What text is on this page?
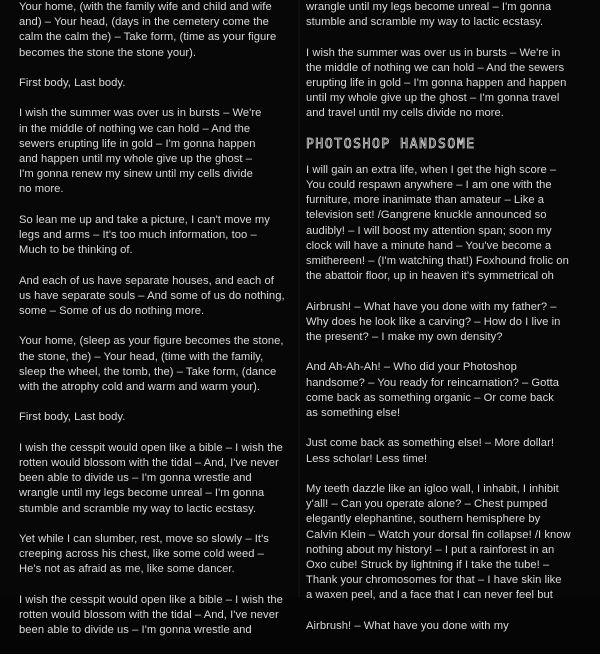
Your home, (with the family wife and child and wife
and) – Your head, (days in the cemetery come the
calm the calm the) – Take form, (time as your figure
becomes the stone the stone your).

First body, Last body.

I wish the summer was over us in bursts – We're
in the middle of nothing we can hold – And the
sewers erupting life in gold – I'm gonna happen
and happen until my whole give up the ghost –
I'm gonna renew my sinew until my cells divide
no more.

So lean me up and take a picture, I can't move my
legs and arms – It's too much information, too –
Much to be thinking of.

And each of us have separate houses, and each of
us have separate souls – And some of us do nothing,
some – Some of us do nothing more.

Your home, (sleep as your figure becomes the stone,
the stone, the) – Your head, (time with the family,
sleep the wheel, the tomb, the) – Take form, (dance
with the atrophy cold and warm and warm your).

First body, Last body.

I wish the cesspit would open like a bible – I wish the
rotten would blossom with the tidal – And, I've never
been able to divide us – I'm gonna wrestle and
wrangle until my legs become unreal – I'm gonna
stumble and scramble my way to lactic ecstasy.

Yet while I can slumber, rest, move so slowly – It's
creeping across his chest, like some cold weed –
He's not as afraid as me, like some dancer.

I wish the cesspit would open like a bible – I wish the
rotten would blossom with the tidal – And, I've never
been able to divide us – I'm gonna wrestle and

wrangle until my legs become unreal – I'm gonna
stumble and scramble my way to lactic ecstasy.

I wish the summer was over us in bursts – We're in
the middle of nothing we can hold – And the sewers
erupting life in gold – I'm gonna happen and happen
until my whole give up the ghost – I'm gonna travel
and travel until my cells divide no more.

PHOTOSHOP HANDSOME

I will gain an extra life, when I get the high score –
You could respawn anywhere – I am one with the
furniture, more inanimate than amateur – Like a
television set! /Gangrene knuckle announced so
audibly! – I will boost my attention span; soon my
clock will have a minute hand – You've become a
smithereen! – (I'm watching that!) Foxhound frolic on
the abattoir floor, up in heaven it's symmetrical oh

Airbrush! – What have you done with my father? –
Why does he look like a carving? – How do I live in
the present? – I make my own density?

And Ah-Ah-Ah! – Who did your Photoshop
handsome? – You ready for reincarnation? – Gotta
come back as something organic – Or come back
as something else!

Just come back as something else! – More dollar!
Less scholar! Less time!

My teeth dazzle like an igloo wall, I inhabit, I inhibit
y'all! – Can you operate alone? – Chest pumped
elegantly elephantine, southern hemisphere by
Calvin Klein – Watch your dorsal fin collapse! /I know
nothing about my history! – I put a rainforest in an
Oxo cube! Struck by lightning if I take the tube! –
Thank your chromosomes for that – I have skin like
a waxen peel, and a face that I can never feel but

Airbrush! – What have you done with my
